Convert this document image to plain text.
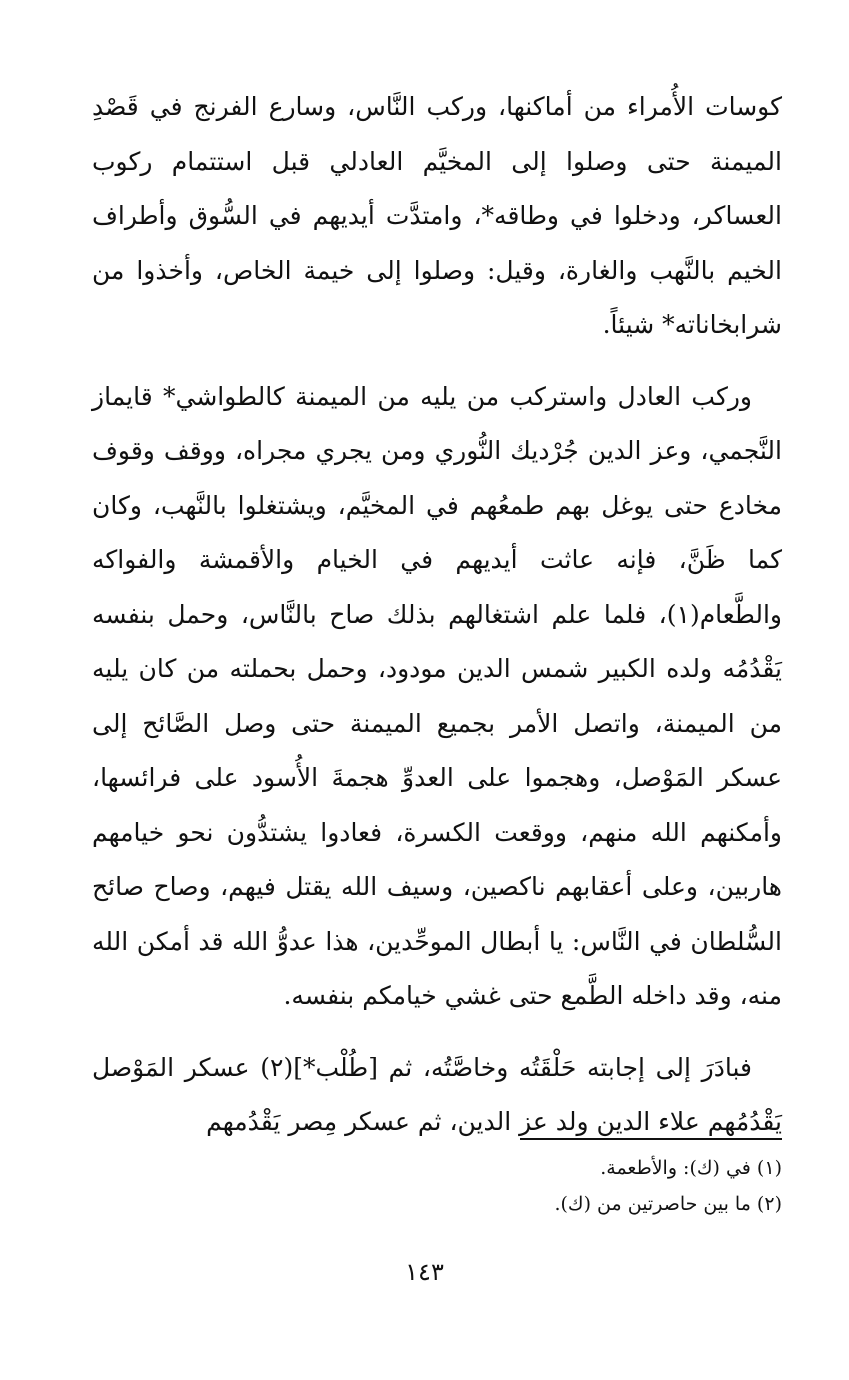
كوسات الأُمراء من أماكنها، وركب النَّاس، وسارع الفرنج في قَصْدِ الميمنة حتى وصلوا إلى المخيَّم العادلي قبل استتمام ركوب العساكر، ودخلوا في وطاقه*، وامتدَّت أيديهم في السُّوق وأطراف الخيم بالنَّهب والغارة، وقيل: وصلوا إلى خيمة الخاص، وأخذوا من شرابخاناته* شيئاً.

وركب العادل واستركب من يليه من الميمنة كالطواشي* قايماز النَّجمي، وعز الدين جُرْديك النُّوري ومن يجري مجراه، ووقف وقوف مخادع حتى يوغل بهم طمعُهم في المخيَّم، ويشتغلوا بالنَّهب، وكان كما ظَنَّ، فإنه عاثت أيديهم في الخيام والأقمشة والفواكه والطَّعام(١)، فلما علم اشتغالهم بذلك صاح بالنَّاس، وحمل بنفسه يَقْدُمُه ولده الكبير شمس الدين مودود، وحمل بحملته من كان يليه من الميمنة، واتصل الأمر بجميع الميمنة حتى وصل الصَّائح إلى عسكر المَوْصل، وهجموا على العدوِّ هجمةَ الأُسود على فرائسها، وأمكنهم الله منهم، ووقعت الكسرة، فعادوا يشتدُّون نحو خيامهم هاربين، وعلى أعقابهم ناكصين، وسيف الله يقتل فيهم، وصاح صائح السُّلطان في النَّاس: يا أبطال الموحِّدين، هذا عدوُّ الله قد أمكن الله منه، وقد داخله الطَّمع حتى غشي خيامكم بنفسه.

فبادَرَ إلى إجابته حَلْقَتُه وخاصَّتُه، ثم [طُلْب*](٢) عسكر المَوْصل يَقْدُمُهم علاء الدين ولد عز الدين، ثم عسكر مِصر يَقْدُمهم

(١) في (ك): والأطعمة.

(٢) ما بين حاصرتين من (ك).

١٤٣
